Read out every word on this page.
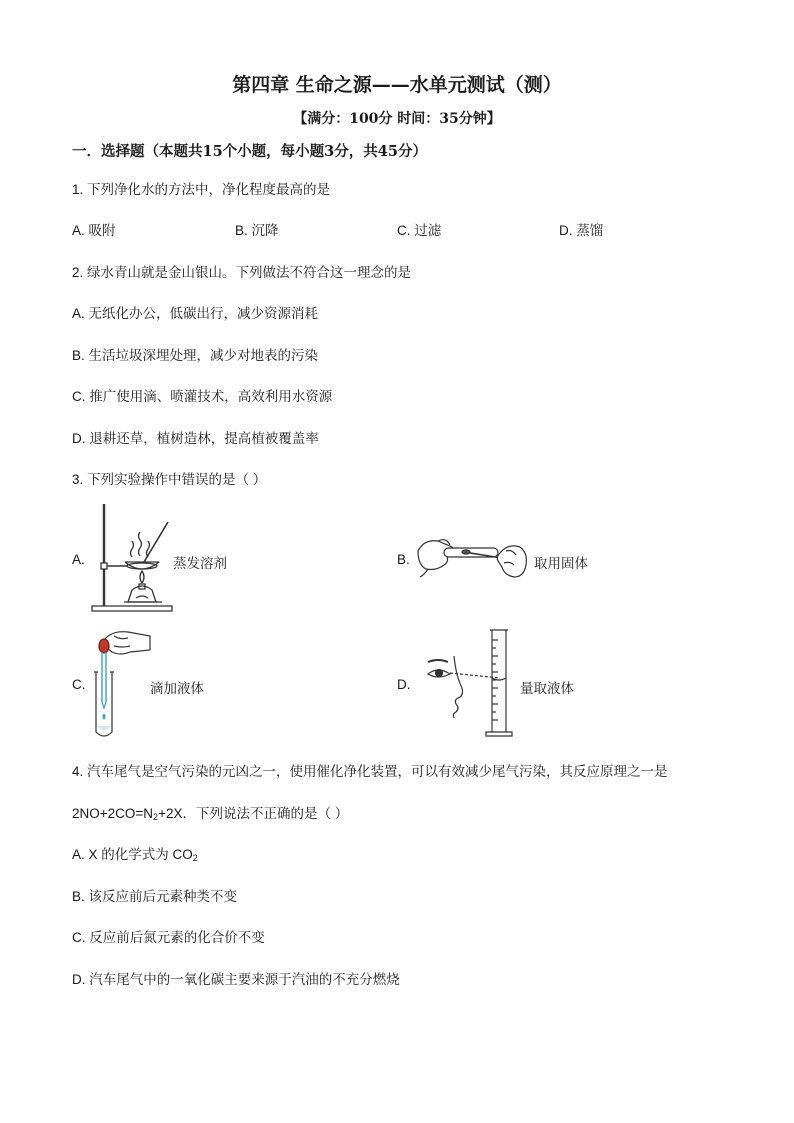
第四章 生命之源——水单元测试（测）
【满分：100分 时间：35分钟】
一．选择题（本题共15个小题，每小题3分，共45分）
1. 下列净化水的方法中，净化程度最高的是
A. 吸附	B. 沉降	C. 过滤	D. 蒸馏
2. 绿水青山就是金山银山。下列做法不符合这一理念的是
A. 无纸化办公，低碳出行，减少资源消耗
B. 生活垃圾深埋处理，减少对地表的污染
C. 推广使用滴、喷灌技术，高效利用水资源
D. 退耕还草，植树造林，提高植被覆盖率
3. 下列实验操作中错误的是（ ）
A.	蒸发溶剂	B.	取用固体
C.	滴加液体	D.	量取液体
4. 汽车尾气是空气污染的元凶之一，使用催化净化装置，可以有效减少尾气污染，其反应原理之一是
$2NO+2CO=N_2+2X$．下列说法不正确的是（ ）
A. X 的化学式为 $CO_2$
B. 该反应前后元素种类不变
C. 反应前后氮元素的化合价不变
D. 汽车尾气中的一氧化碳主要来源于汽油的不充分燃烧
